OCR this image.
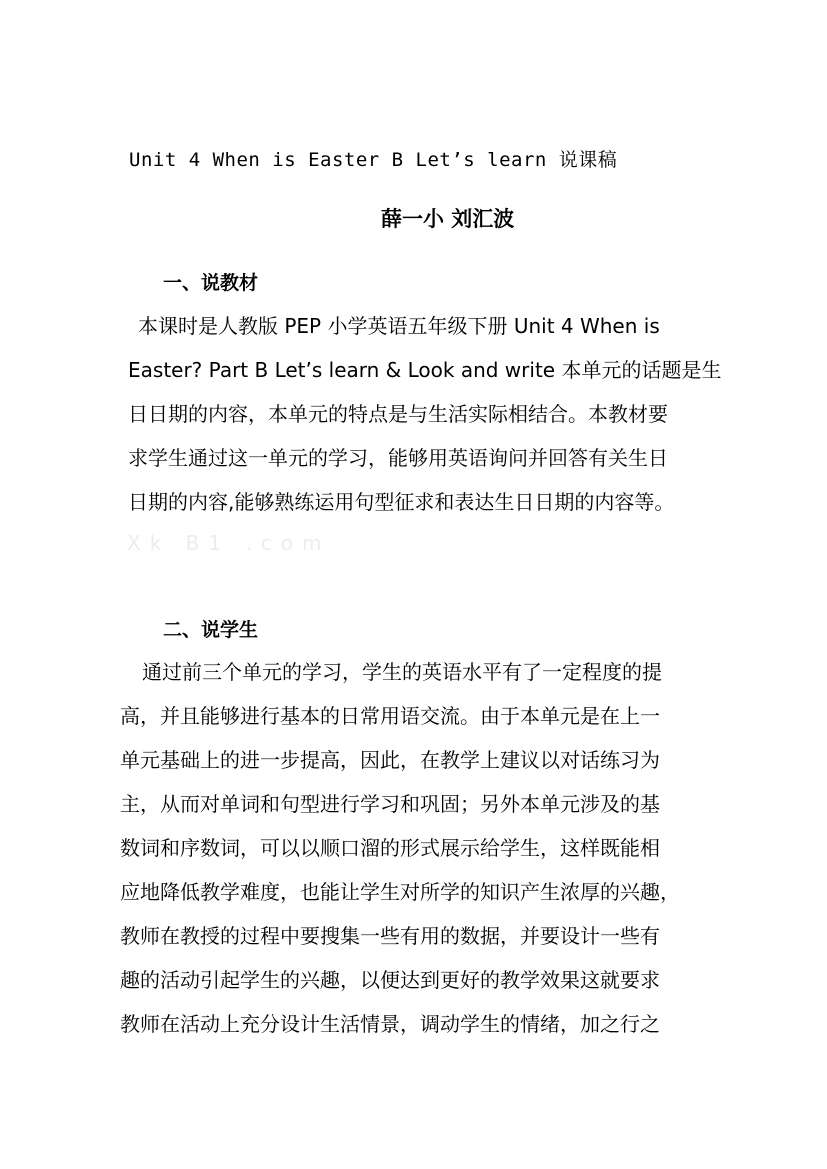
Unit 4 When is Easter B Let’s learn 说课稿
薛一小 刘汇波
一、说教材
本课时是人教版 PEP 小学英语五年级下册 Unit 4 When is
Easter? Part B Let’s learn & Look and write 本单元的话题是生
日日期的内容，本单元的特点是与生活实际相结合。本教材要
求学生通过这一单元的学习，能够用英语询问并回答有关生日
日期的内容,能够熟练运用句型征求和表达生日日期的内容等。
Xk B1 .com
二、说学生
通过前三个单元的学习，学生的英语水平有了一定程度的提
高，并且能够进行基本的日常用语交流。由于本单元是在上一
单元基础上的进一步提高，因此，在教学上建议以对话练习为
主，从而对单词和句型进行学习和巩固；另外本单元涉及的基
数词和序数词，可以以顺口溜的形式展示给学生，这样既能相
应地降低教学难度，也能让学生对所学的知识产生浓厚的兴趣，
教师在教授的过程中要搜集一些有用的数据，并要设计一些有
趣的活动引起学生的兴趣，以便达到更好的教学效果这就要求
教师在活动上充分设计生活情景，调动学生的情绪，加之行之
